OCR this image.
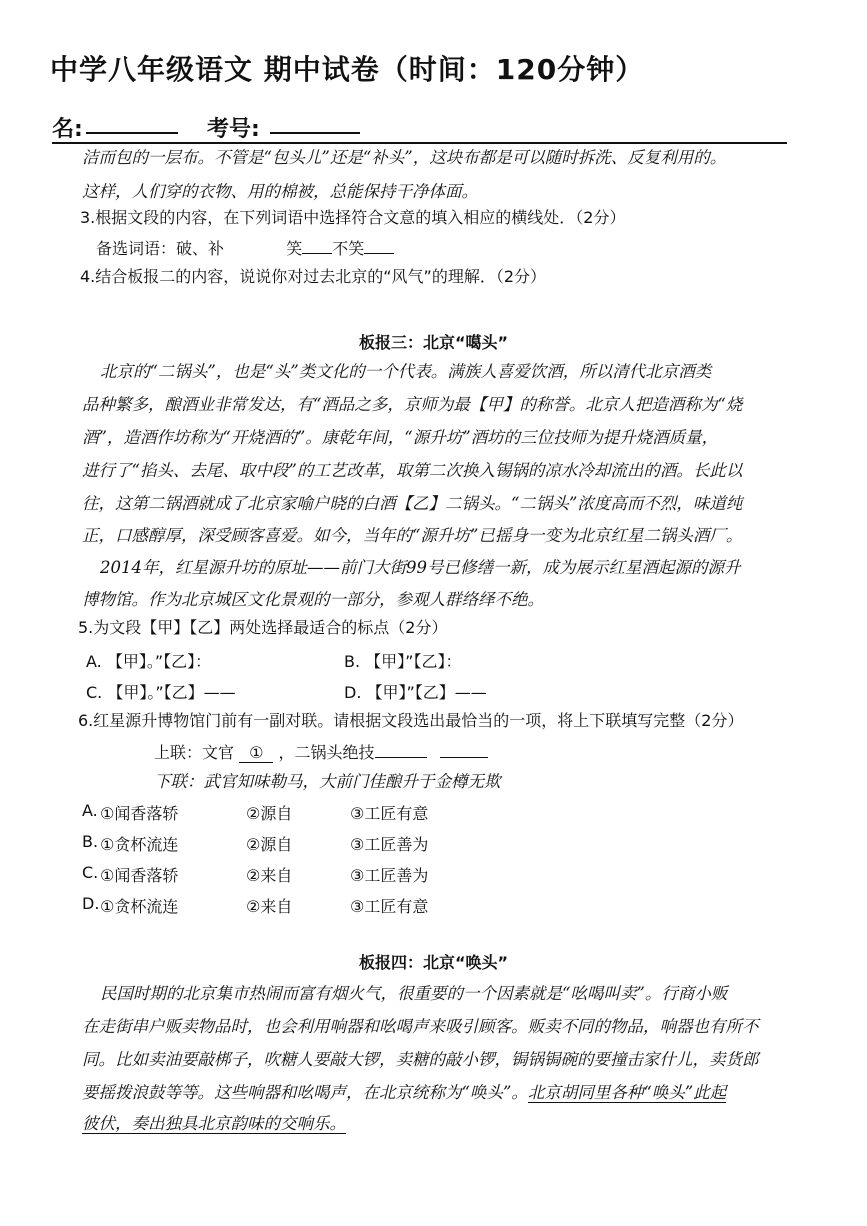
中学八年级语文 期中试卷（时间：120分钟）
名:	考号:
洁而包的一层布。不管是“包头儿”还是“补头”，这块布都是可以随时拆洗、反复利用的。
这样，人们穿的衣物、用的棉被，总能保持干净体面。
3.根据文段的内容，在下列词语中选择符合文意的填入相应的横线处．（2分）
备选词语：破、补	笑 不笑
4.结合板报二的内容，说说你对过去北京的“风气”的理解．（2分）
板报三：北京“噶头”
北京的“二锅头”，也是“头”类文化的一个代表。满族人喜爱饮酒，所以清代北京酒类
品种繁多，酿酒业非常发达，有“酒品之多，京师为最【甲】的称誉。北京人把造酒称为“烧
酒”，造酒作坊称为“开烧酒的”。康乾年间，“源升坊”酒坊的三位技师为提升烧酒质量，
进行了“掐头、去尾、取中段”的工艺改革，取第二次换入锡锅的凉水冷却流出的酒。长此以
往，这第二锅酒就成了北京家喻户晓的白酒【乙】二锅头。“二锅头”浓度高而不烈，味道纯
正，口感醇厚，深受顾客喜爱。如今，当年的“源升坊”已摇身一变为北京红星二锅头酒厂。
2014年，红星源升坊的原址——前门大街99号已修缮一新，成为展示红星酒起源的源升
博物馆。作为北京城区文化景观的一部分，参观人群络绎不绝。
5.为文段【甲】【乙】两处选择最适合的标点（2分）
A. 【甲】。”【乙】：	B. 【甲】”【乙】：
C. 【甲】。”【乙】——	D. 【甲】”【乙】——
6.红星源升博物馆门前有一副对联。请根据文段选出最恰当的一项，将上下联填写完整（2分）
上联：文官 ① ，二锅头绝技
下联：武官知味勒马，大前门佳酿升于金樽无欺
A. ①闻香落轿	②源自	③工匠有意
B. ①贪杯流连	②源自	③工匠善为
C. ①闻香落轿	②来自	③工匠善为
D. ①贪杯流连	②来自	③工匠有意
板报四：北京“唤头”
民国时期的北京集市热闹而富有烟火气，很重要的一个因素就是“吆喝叫卖”。行商小贩
在走街串户贩卖物品时，也会利用响器和吆喝声来吸引顾客。贩卖不同的物品，响器也有所不
同。比如卖油要敲梆子，吹糖人要敲大锣，卖糖的敲小锣，锔锅锔碗的要撞击家什儿，卖货郎
要摇拨浪鼓等等。这些响器和吆喝声，在北京统称为“唤头”。北京胡同里各种“唤头”此起
彼伏，奏出独具北京韵味的交响乐。
